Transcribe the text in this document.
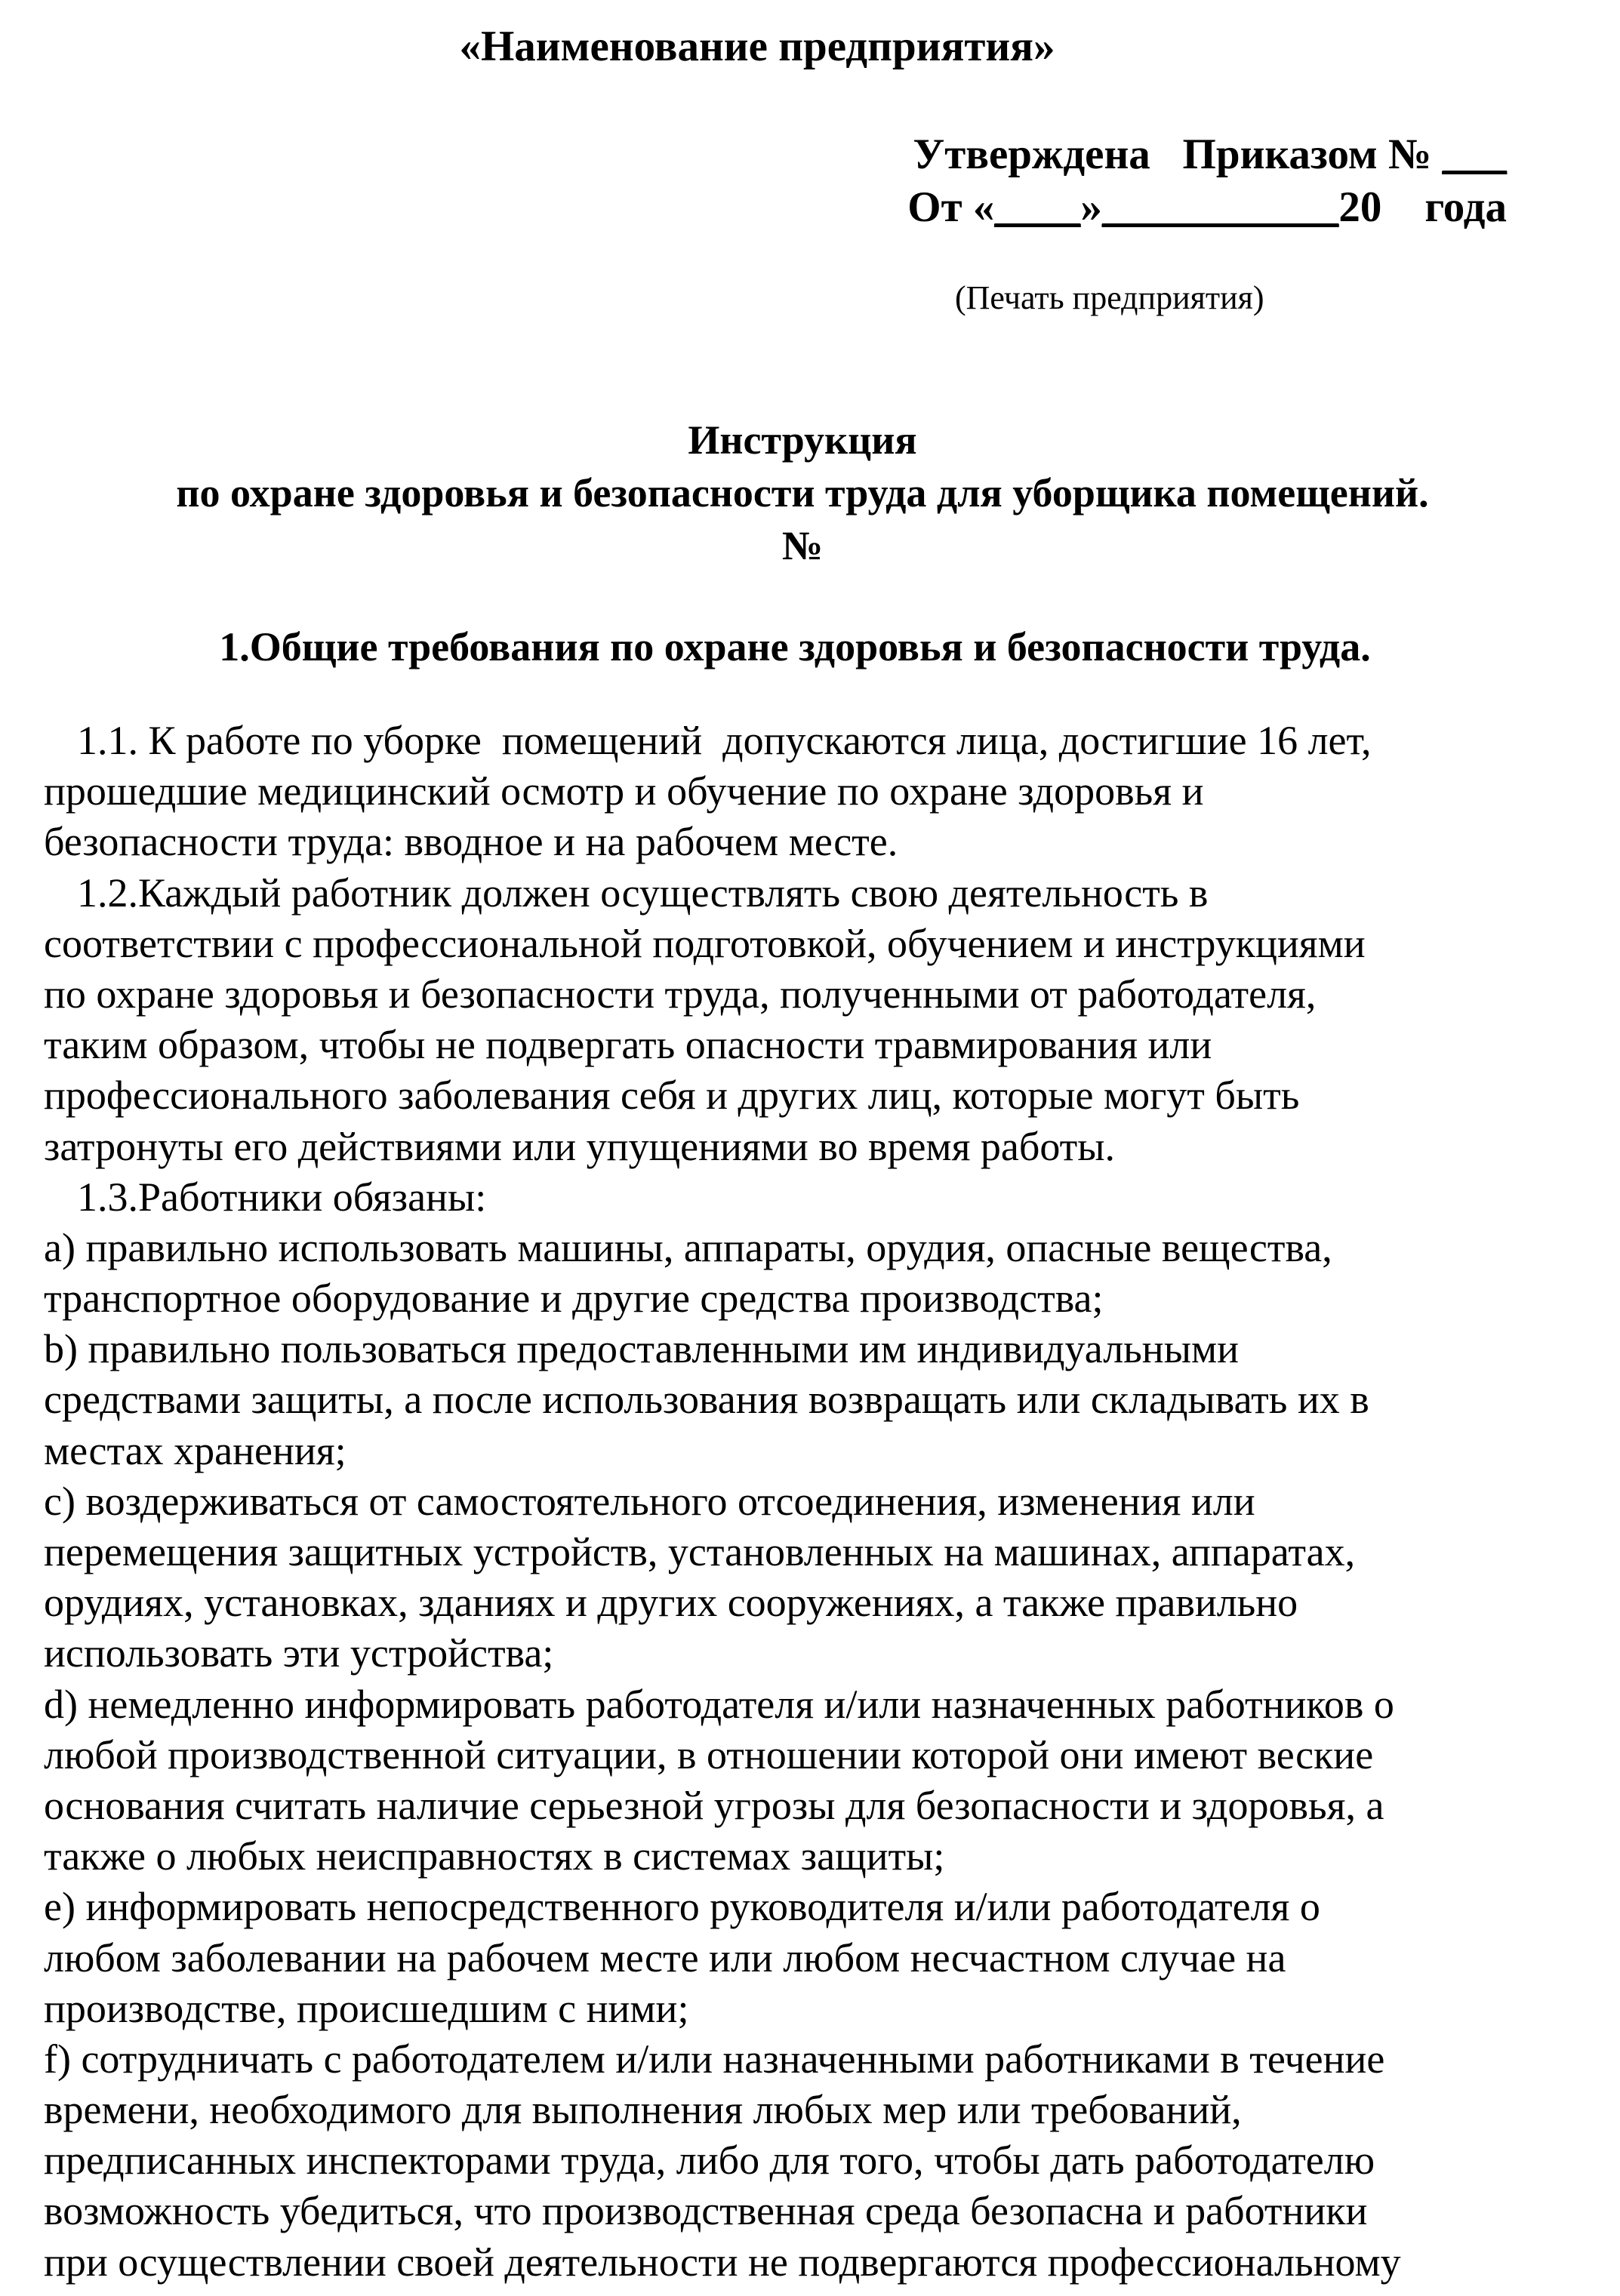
«Наименование предприятия»
Утверждена   Приказом № ___
От «____»___________20    года
(Печать предприятия)
Инструкция
по охране здоровья и безопасности труда для уборщика помещений.
№
1.Общие требования по охране здоровья и безопасности труда.
1.1. К работе по уборке  помещений  допускаются лица, достигшие 16 лет,
прошедшие медицинский осмотр и обучение по охране здоровья и
безопасности труда: вводное и на рабочем месте.
1.2.Каждый работник должен осуществлять свою деятельность в
соответствии с профессиональной подготовкой, обучением и инструкциями
по охране здоровья и безопасности труда, полученными от работодателя,
таким образом, чтобы не подвергать опасности травмирования или
профессионального заболевания себя и других лиц, которые могут быть
затронуты его действиями или упущениями во время работы.
1.3.Работники обязаны:
a) правильно использовать машины, аппараты, орудия, опасные вещества,
транспортное оборудование и другие средства производства;
b) правильно пользоваться предоставленными им индивидуальными
средствами защиты, а после использования возвращать или складывать их в
местах хранения;
c) воздерживаться от самостоятельного отсоединения, изменения или
перемещения защитных устройств, установленных на машинах, аппаратах,
орудиях, установках, зданиях и других сооружениях, а также правильно
использовать эти устройства;
d) немедленно информировать работодателя и/или назначенных работников о
любой производственной ситуации, в отношении которой они имеют веские
основания считать наличие серьезной угрозы для безопасности и здоровья, а
также о любых неисправностях в системах защиты;
e) информировать непосредственного руководителя и/или работодателя о
любом заболевании на рабочем месте или любом несчастном случае на
производстве, происшедшим с ними;
f) сотрудничать с работодателем и/или назначенными работниками в течение
времени, необходимого для выполнения любых мер или требований,
предписанных инспекторами труда, либо для того, чтобы дать работодателю
возможность убедиться, что производственная среда безопасна и работники
при осуществлении своей деятельности не подвергаются профессиональному
